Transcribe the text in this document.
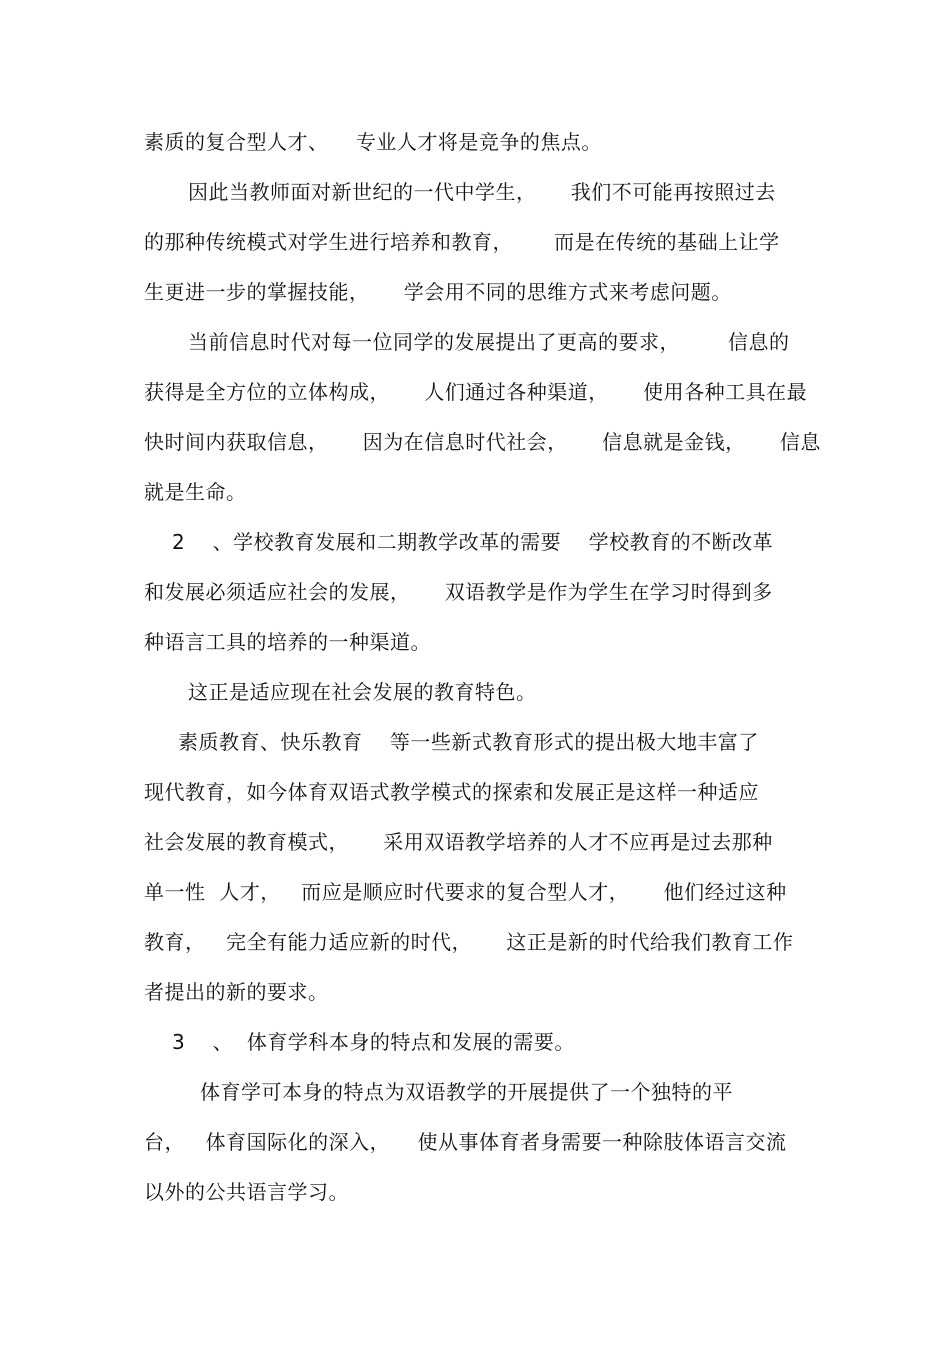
素质的复合型人才、    专业人才将是竞争的焦点。
因此当教师面对新世纪的一代中学生，     我们不可能再按照过去
的那种传统模式对学生进行培养和教育，      而是在传统的基础上让学
生更进一步的掌握技能，     学会用不同的思维方式来考虑问题。
当前信息时代对每一位同学的发展提出了更高的要求，       信息的
获得是全方位的立体构成，     人们通过各种渠道，     使用各种工具在最
快时间内获取信息，     因为在信息时代社会，     信息就是金钱，     信息
就是生命。
2    、学校教育发展和二期教学改革的需要    学校教育的不断改革
和发展必须适应社会的发展，     双语教学是作为学生在学习时得到多
种语言工具的培养的一种渠道。
这正是适应现在社会发展的教育特色。
素质教育、快乐教育    等一些新式教育形式的提出极大地丰富了
现代教育，如今体育双语式教学模式的探索和发展正是这样一种适应
社会发展的教育模式，     采用双语教学培养的人才不应再是过去那种
单一性  人才，   而应是顺应时代要求的复合型人才，     他们经过这种
教育，   完全有能力适应新的时代，     这正是新的时代给我们教育工作
者提出的新的要求。
3    、  体育学科本身的特点和发展的需要。
体育学可本身的特点为双语教学的开展提供了一个独特的平
台，   体育国际化的深入，    使从事体育者身需要一种除肢体语言交流
以外的公共语言学习。
